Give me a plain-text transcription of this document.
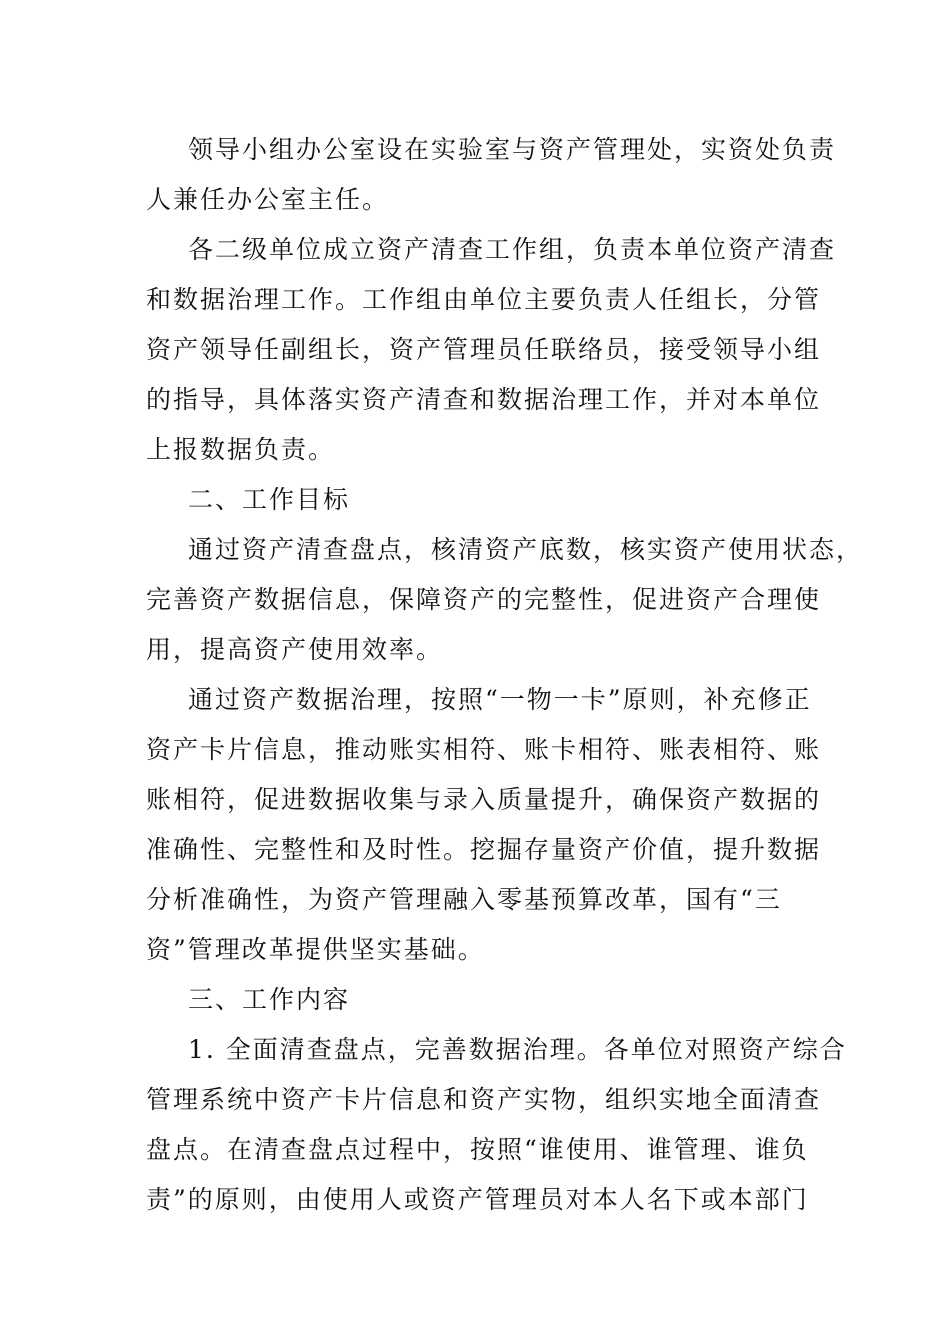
领导小组办公室设在实验室与资产管理处，实资处负责
人兼任办公室主任。
各二级单位成立资产清查工作组，负责本单位资产清查
和数据治理工作。工作组由单位主要负责人任组长，分管
资产领导任副组长，资产管理员任联络员，接受领导小组
的指导，具体落实资产清查和数据治理工作，并对本单位
上报数据负责。
二、工作目标
通过资产清查盘点，核清资产底数，核实资产使用状态，
完善资产数据信息，保障资产的完整性，促进资产合理使
用，提高资产使用效率。
通过资产数据治理，按照“一物一卡”原则，补充修正
资产卡片信息，推动账实相符、账卡相符、账表相符、账
账相符，促进数据收集与录入质量提升，确保资产数据的
准确性、完整性和及时性。挖掘存量资产价值，提升数据
分析准确性，为资产管理融入零基预算改革，国有“三
资”管理改革提供坚实基础。
三、工作内容
1. 全面清查盘点，完善数据治理。各单位对照资产综合
管理系统中资产卡片信息和资产实物，组织实地全面清查
盘点。在清查盘点过程中，按照“谁使用、谁管理、谁负
责”的原则，由使用人或资产管理员对本人名下或本部门
